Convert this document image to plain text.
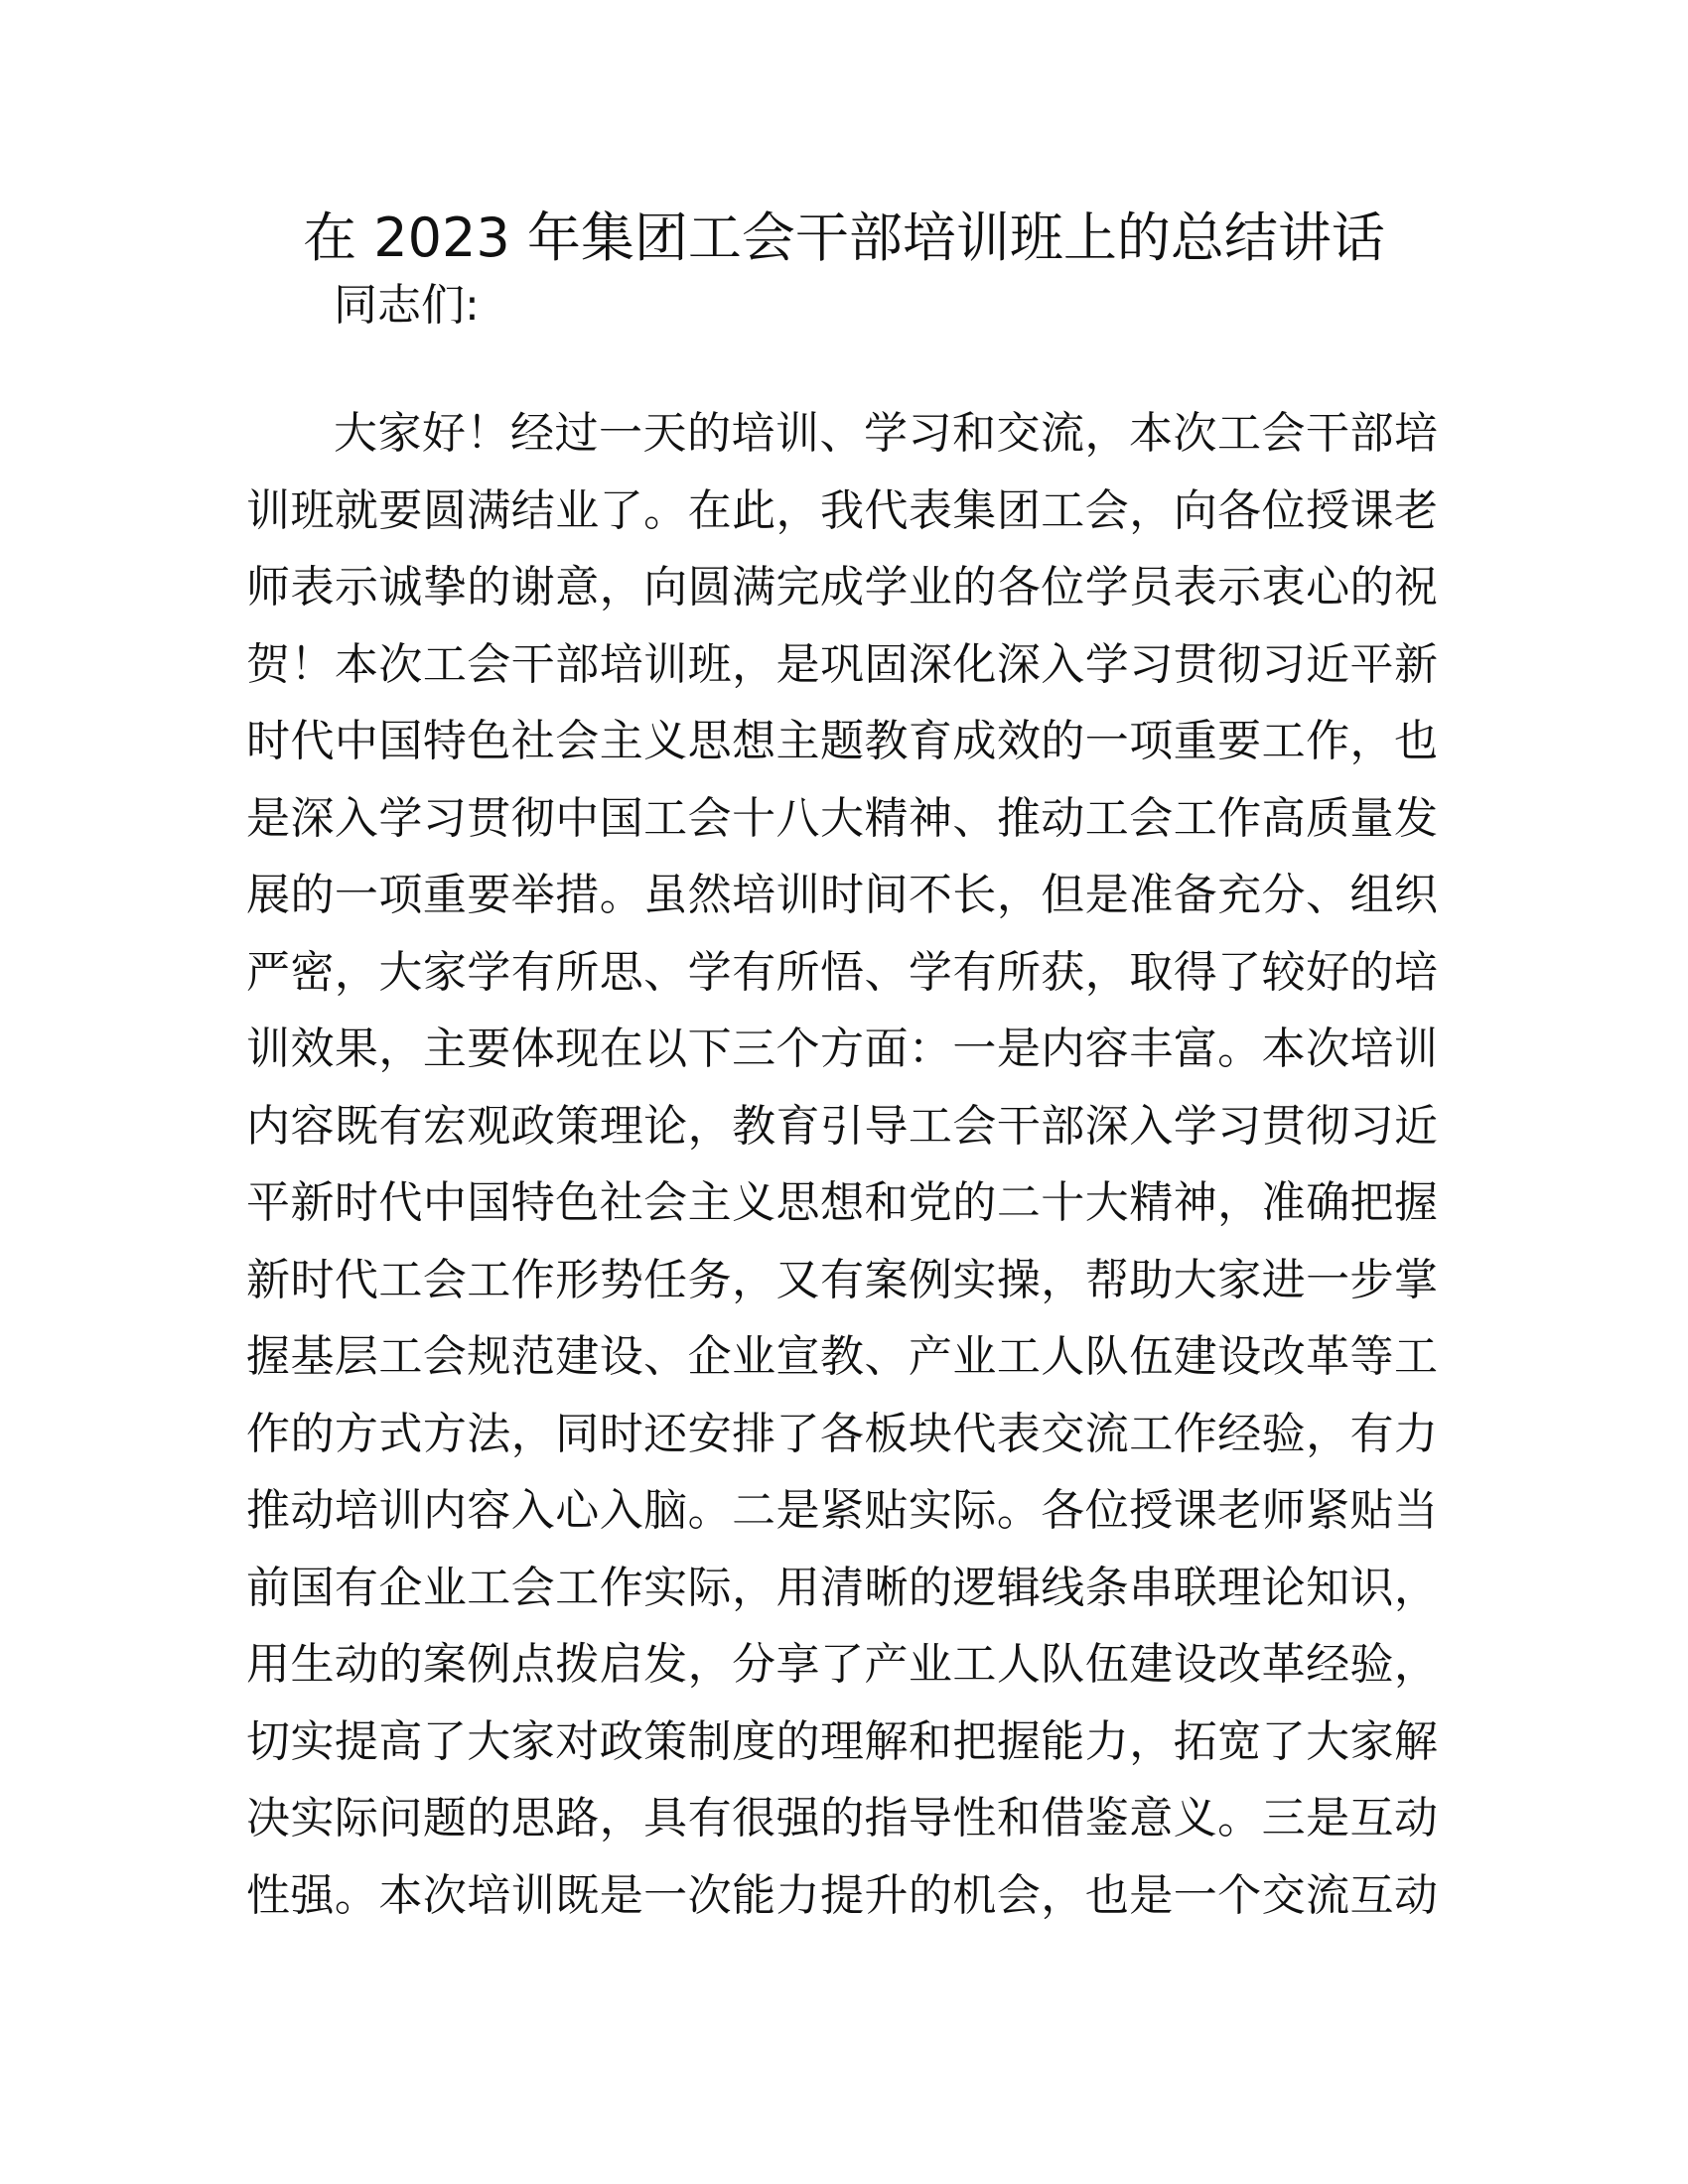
在 2023 年集团工会干部培训班上的总结讲话
同志们:
大家好！经过一天的培训、学习和交流，本次工会干部培
训班就要圆满结业了。在此，我代表集团工会，向各位授课老
师表示诚挚的谢意，向圆满完成学业的各位学员表示衷心的祝
贺！本次工会干部培训班，是巩固深化深入学习贯彻习近平新
时代中国特色社会主义思想主题教育成效的一项重要工作，也
是深入学习贯彻中国工会十八大精神、推动工会工作高质量发
展的一项重要举措。虽然培训时间不长，但是准备充分、组织
严密，大家学有所思、学有所悟、学有所获，取得了较好的培
训效果，主要体现在以下三个方面：一是内容丰富。本次培训
内容既有宏观政策理论，教育引导工会干部深入学习贯彻习近
平新时代中国特色社会主义思想和党的二十大精神，准确把握
新时代工会工作形势任务，又有案例实操，帮助大家进一步掌
握基层工会规范建设、企业宣教、产业工人队伍建设改革等工
作的方式方法，同时还安排了各板块代表交流工作经验，有力
推动培训内容入心入脑。二是紧贴实际。各位授课老师紧贴当
前国有企业工会工作实际，用清晰的逻辑线条串联理论知识，
用生动的案例点拨启发，分享了产业工人队伍建设改革经验，
切实提高了大家对政策制度的理解和把握能力，拓宽了大家解
决实际问题的思路，具有很强的指导性和借鉴意义。三是互动
性强。本次培训既是一次能力提升的机会，也是一个交流互动
